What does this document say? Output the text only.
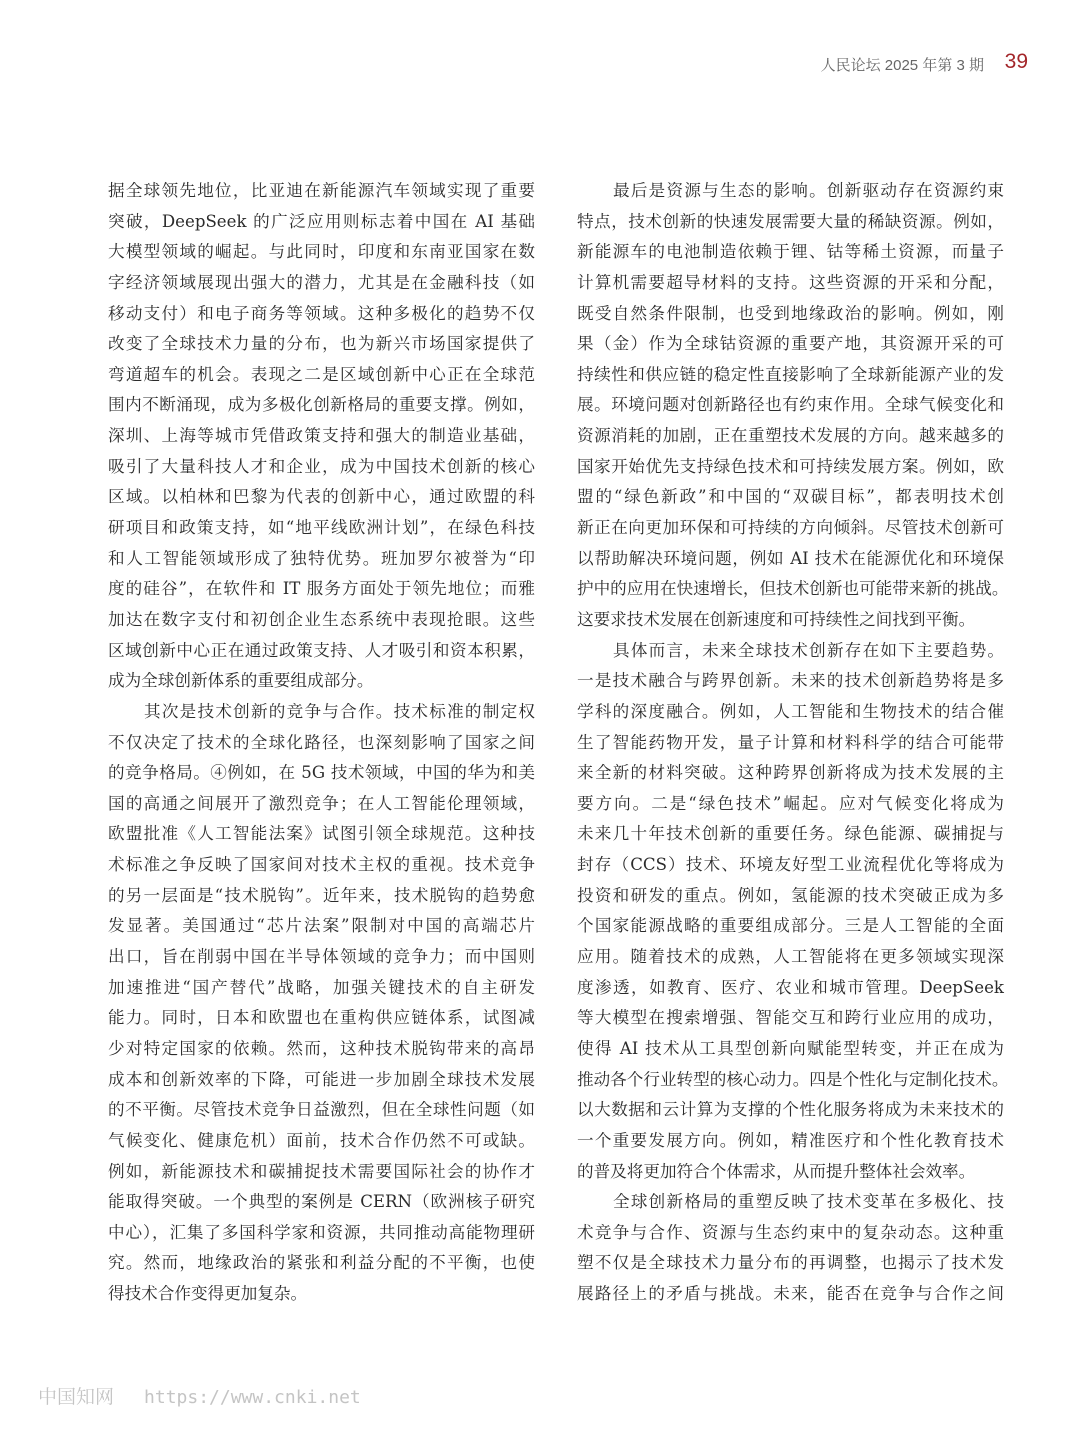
人民论坛 2025 年第 3 期 39
据全球领先地位，比亚迪在新能源汽车领域实现了重要
突破，DeepSeek 的广泛应用则标志着中国在 AI 基础
大模型领域的崛起。与此同时，印度和东南亚国家在数
字经济领域展现出强大的潜力，尤其是在金融科技（如
移动支付）和电子商务等领域。这种多极化的趋势不仅
改变了全球技术力量的分布，也为新兴市场国家提供了
弯道超车的机会。表现之二是区域创新中心正在全球范
围内不断涌现，成为多极化创新格局的重要支撑。例如，
深圳、上海等城市凭借政策支持和强大的制造业基础，
吸引了大量科技人才和企业，成为中国技术创新的核心
区域。以柏林和巴黎为代表的创新中心，通过欧盟的科
研项目和政策支持，如“地平线欧洲计划”，在绿色科技
和人工智能领域形成了独特优势。班加罗尔被誉为“印
度的硅谷”，在软件和 IT 服务方面处于领先地位；而雅
加达在数字支付和初创企业生态系统中表现抢眼。这些
区域创新中心正在通过政策支持、人才吸引和资本积累，
成为全球创新体系的重要组成部分。
其次是技术创新的竞争与合作。技术标准的制定权
不仅决定了技术的全球化路径，也深刻影响了国家之间
的竞争格局。④例如，在 5G 技术领域，中国的华为和美
国的高通之间展开了激烈竞争；在人工智能伦理领域，
欧盟批准《人工智能法案》试图引领全球规范。这种技
术标准之争反映了国家间对技术主权的重视。技术竞争
的另一层面是“技术脱钩”。近年来，技术脱钩的趋势愈
发显著。美国通过“芯片法案”限制对中国的高端芯片
出口，旨在削弱中国在半导体领域的竞争力；而中国则
加速推进“国产替代”战略，加强关键技术的自主研发
能力。同时，日本和欧盟也在重构供应链体系，试图减
少对特定国家的依赖。然而，这种技术脱钩带来的高昂
成本和创新效率的下降，可能进一步加剧全球技术发展
的不平衡。尽管技术竞争日益激烈，但在全球性问题（如
气候变化、健康危机）面前，技术合作仍然不可或缺。
例如，新能源技术和碳捕捉技术需要国际社会的协作才
能取得突破。一个典型的案例是 CERN（欧洲核子研究
中心），汇集了多国科学家和资源，共同推动高能物理研
究。然而，地缘政治的紧张和利益分配的不平衡，也使
得技术合作变得更加复杂。
最后是资源与生态的影响。创新驱动存在资源约束
特点，技术创新的快速发展需要大量的稀缺资源。例如，
新能源车的电池制造依赖于锂、钴等稀土资源，而量子
计算机需要超导材料的支持。这些资源的开采和分配，
既受自然条件限制，也受到地缘政治的影响。例如，刚
果（金）作为全球钴资源的重要产地，其资源开采的可
持续性和供应链的稳定性直接影响了全球新能源产业的发
展。环境问题对创新路径也有约束作用。全球气候变化和
资源消耗的加剧，正在重塑技术发展的方向。越来越多的
国家开始优先支持绿色技术和可持续发展方案。例如，欧
盟的“绿色新政”和中国的“双碳目标”，都表明技术创
新正在向更加环保和可持续的方向倾斜。尽管技术创新可
以帮助解决环境问题，例如 AI 技术在能源优化和环境保
护中的应用在快速增长，但技术创新也可能带来新的挑战。
这要求技术发展在创新速度和可持续性之间找到平衡。
具体而言，未来全球技术创新存在如下主要趋势。
一是技术融合与跨界创新。未来的技术创新趋势将是多
学科的深度融合。例如，人工智能和生物技术的结合催
生了智能药物开发，量子计算和材料科学的结合可能带
来全新的材料突破。这种跨界创新将成为技术发展的主
要方向。二是“绿色技术”崛起。应对气候变化将成为
未来几十年技术创新的重要任务。绿色能源、碳捕捉与
封存（CCS）技术、环境友好型工业流程优化等将成为
投资和研发的重点。例如，氢能源的技术突破正成为多
个国家能源战略的重要组成部分。三是人工智能的全面
应用。随着技术的成熟，人工智能将在更多领域实现深
度渗透，如教育、医疗、农业和城市管理。DeepSeek
等大模型在搜索增强、智能交互和跨行业应用的成功，
使得 AI 技术从工具型创新向赋能型转变，并正在成为
推动各个行业转型的核心动力。四是个性化与定制化技术。
以大数据和云计算为支撑的个性化服务将成为未来技术的
一个重要发展方向。例如，精准医疗和个性化教育技术
的普及将更加符合个体需求，从而提升整体社会效率。
全球创新格局的重塑反映了技术变革在多极化、技
术竞争与合作、资源与生态约束中的复杂动态。这种重
塑不仅是全球技术力量分布的再调整，也揭示了技术发
展路径上的矛盾与挑战。未来，能否在竞争与合作之间
中国知网 https://www.cnki.net
